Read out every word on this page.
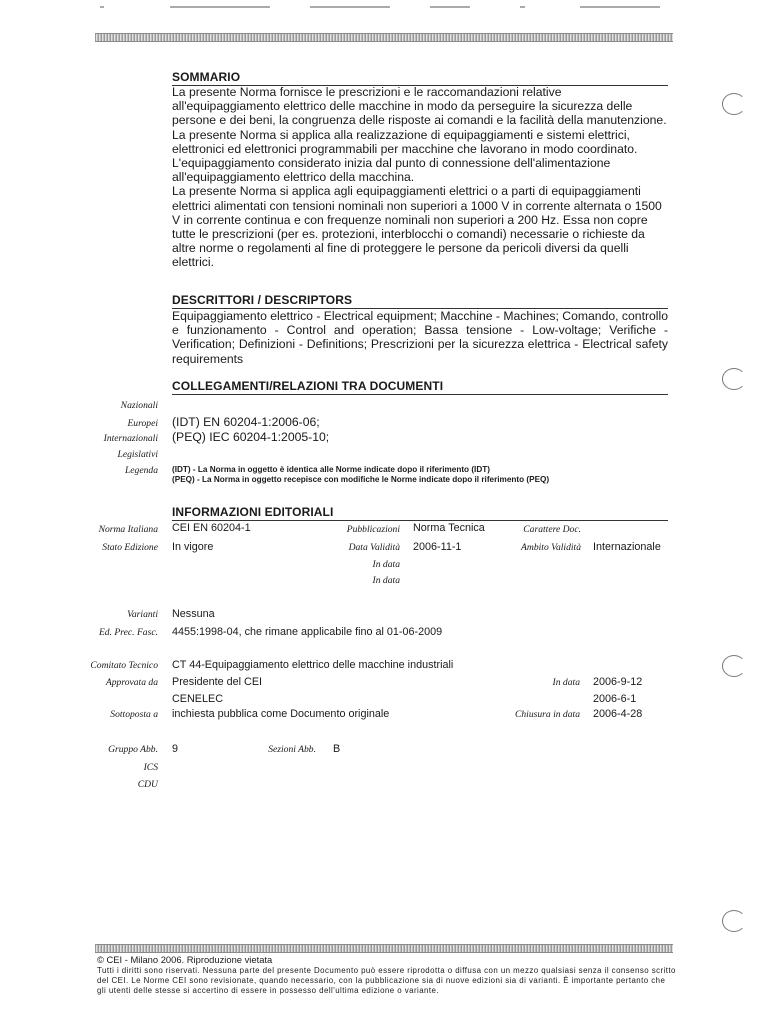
SOMMARIO

La presente Norma fornisce le prescrizioni e le raccomandazioni relative all'equipaggiamento elettrico delle macchine in modo da perseguire la sicurezza delle persone e dei beni, la congruenza delle risposte ai comandi e la facilità della manutenzione.

La presente Norma si applica alla realizzazione di equipaggiamenti e sistemi elettrici, elettronici ed elettronici programmabili per macchine che lavorano in modo coordinato.

L'equipaggiamento considerato inizia dal punto di connessione dell'alimentazione all'equipaggiamento elettrico della macchina.

La presente Norma si applica agli equipaggiamenti elettrici o a parti di equipaggiamenti elettrici alimentati con tensioni nominali non superiori a 1000 V in corrente alternata o 1500 V in corrente continua e con frequenze nominali non superiori a 200 Hz. Essa non copre tutte le prescrizioni (per es. protezioni, interblocchi o comandi) necessarie o richieste da altre norme o regolamenti al fine di proteggere le persone da pericoli diversi da quelli elettrici.

DESCRITTORI / DESCRIPTORS
Equipaggiamento elettrico - Electrical equipment; Macchine - Machines; Comando, controllo e funzionamento - Control and operation; Bassa tensione - Low-voltage; Verifiche - Verification; Definizioni - Definitions; Prescrizioni per la sicurezza elettrica - Electrical safety requirements
COLLEGAMENTI/RELAZIONI TRA DOCUMENTI
Nazionali
Europei (IDT) EN 60204-1:2006-06;
Internazionali (PEQ) IEC 60204-1:2005-10;
Legislativi
Legenda (IDT) - La Norma in oggetto è identica alle Norme indicate dopo il riferimento (IDT)
(PEQ) - La Norma in oggetto recepisce con modifiche le Norme indicate dopo il riferimento (PEQ)
INFORMAZIONI EDITORIALI
Norma Italiana CEI EN 60204-1	Pubblicazioni Norma Tecnica	Carattere Doc.
Stato Edizione In vigore	Data Validità 2006-11-1	Ambito Validità Internazionale
In data
In data
Varianti Nessuna
Ed. Prec. Fasc. 4455:1998-04, che rimane applicabile fino al 01-06-2009
Comitato Tecnico CT 44-Equipaggiamento elettrico delle macchine industriali
Approvata da Presidente del CEI	In data 2006-9-12
CENELEC	2006-6-1
Sottoposta a inchiesta pubblica come Documento originale	Chiusura in data 2006-4-28
Gruppo Abb. 9	Sezioni Abb. B
ICS
CDU
© CEI - Milano 2006. Riproduzione vietata
Tutti i diritti sono riservati. Nessuna parte del presente Documento può essere riprodotta o diffusa con un mezzo qualsiasi senza il consenso scritto del CEI. Le Norme CEI sono revisionate, quando necessario, con la pubblicazione sia di nuove edizioni sia di varianti. È importante pertanto che gli utenti delle stesse si accertino di essere in possesso dell'ultima edizione o variante.
